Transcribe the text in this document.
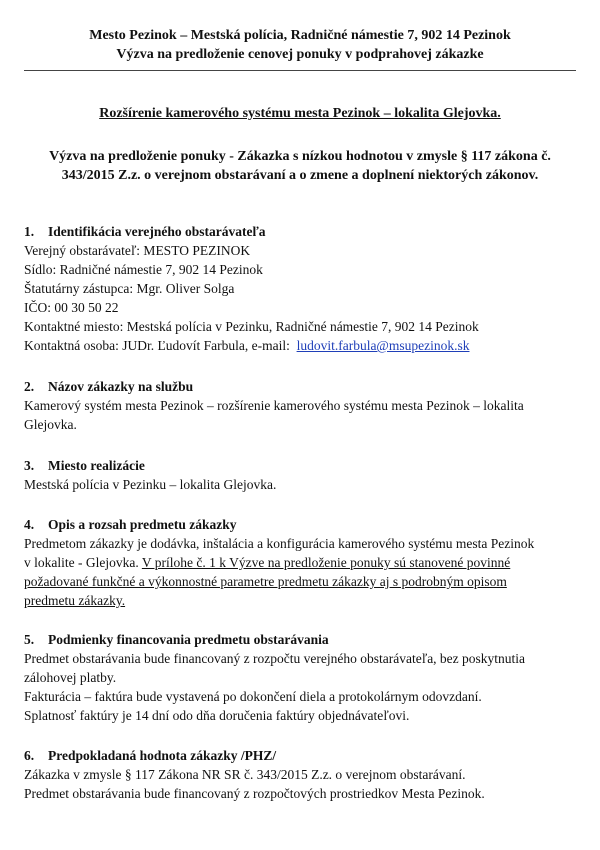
Mesto Pezinok – Mestská polícia, Radničné námestie 7, 902 14 Pezinok
Výzva na predloženie cenovej ponuky v podprahovej zákazke
Rozšírenie kamerového systému mesta Pezinok – lokalita Glejovka.
Výzva na predloženie ponuky - Zákazka s nízkou hodnotou v zmysle § 117 zákona č.
343/2015 Z.z. o verejnom obstarávaní a o zmene a doplnení niektorých zákonov.
1. Identifikácia verejného obstarávateľa

Verejný obstarávateľ: MESTO PEZINOK

Sídlo: Radničné námestie 7, 902 14 Pezinok

Štatutárny zástupca: Mgr. Oliver Solga

IČO: 00 30 50 22

Kontaktné miesto: Mestská polícia v Pezinku, Radničné námestie 7, 902 14 Pezinok

Kontaktná osoba: JUDr. Ľudovít Farbula, e-mail: ludovit.farbula@msupezinok.sk

2. Názov zákazky na službu

Kamerový systém mesta Pezinok – rozšírenie kamerového systému mesta Pezinok – lokalita

Glejovka.

3. Miesto realizácie

Mestská polícia v Pezinku – lokalita Glejovka.

4. Opis a rozsah predmetu zákazky

Predmetom zákazky je dodávka, inštalácia a konfigurácia kamerového systému mesta Pezinok

v lokalite - Glejovka. V prílohe č. 1 k Výzve na predloženie ponuky sú stanovené povinné

požadované funkčné a výkonnostné parametre predmetu zákazky aj s podrobným opisom

predmetu zákazky.

5. Podmienky financovania predmetu obstarávania

Predmet obstarávania bude financovaný z rozpočtu verejného obstarávateľa, bez poskytnutia

zálohovej platby.

Fakturácia – faktúra bude vystavená po dokončení diela a protokolárnym odovzdaní.

Splatnosť faktúry je 14 dní odo dňa doručenia faktúry objednávateľovi.

6. Predpokladaná hodnota zákazky /PHZ/

Zákazka v zmysle § 117 Zákona NR SR č. 343/2015 Z.z. o verejnom obstarávaní.

Predmet obstarávania bude financovaný z rozpočtových prostriedkov Mesta Pezinok.
